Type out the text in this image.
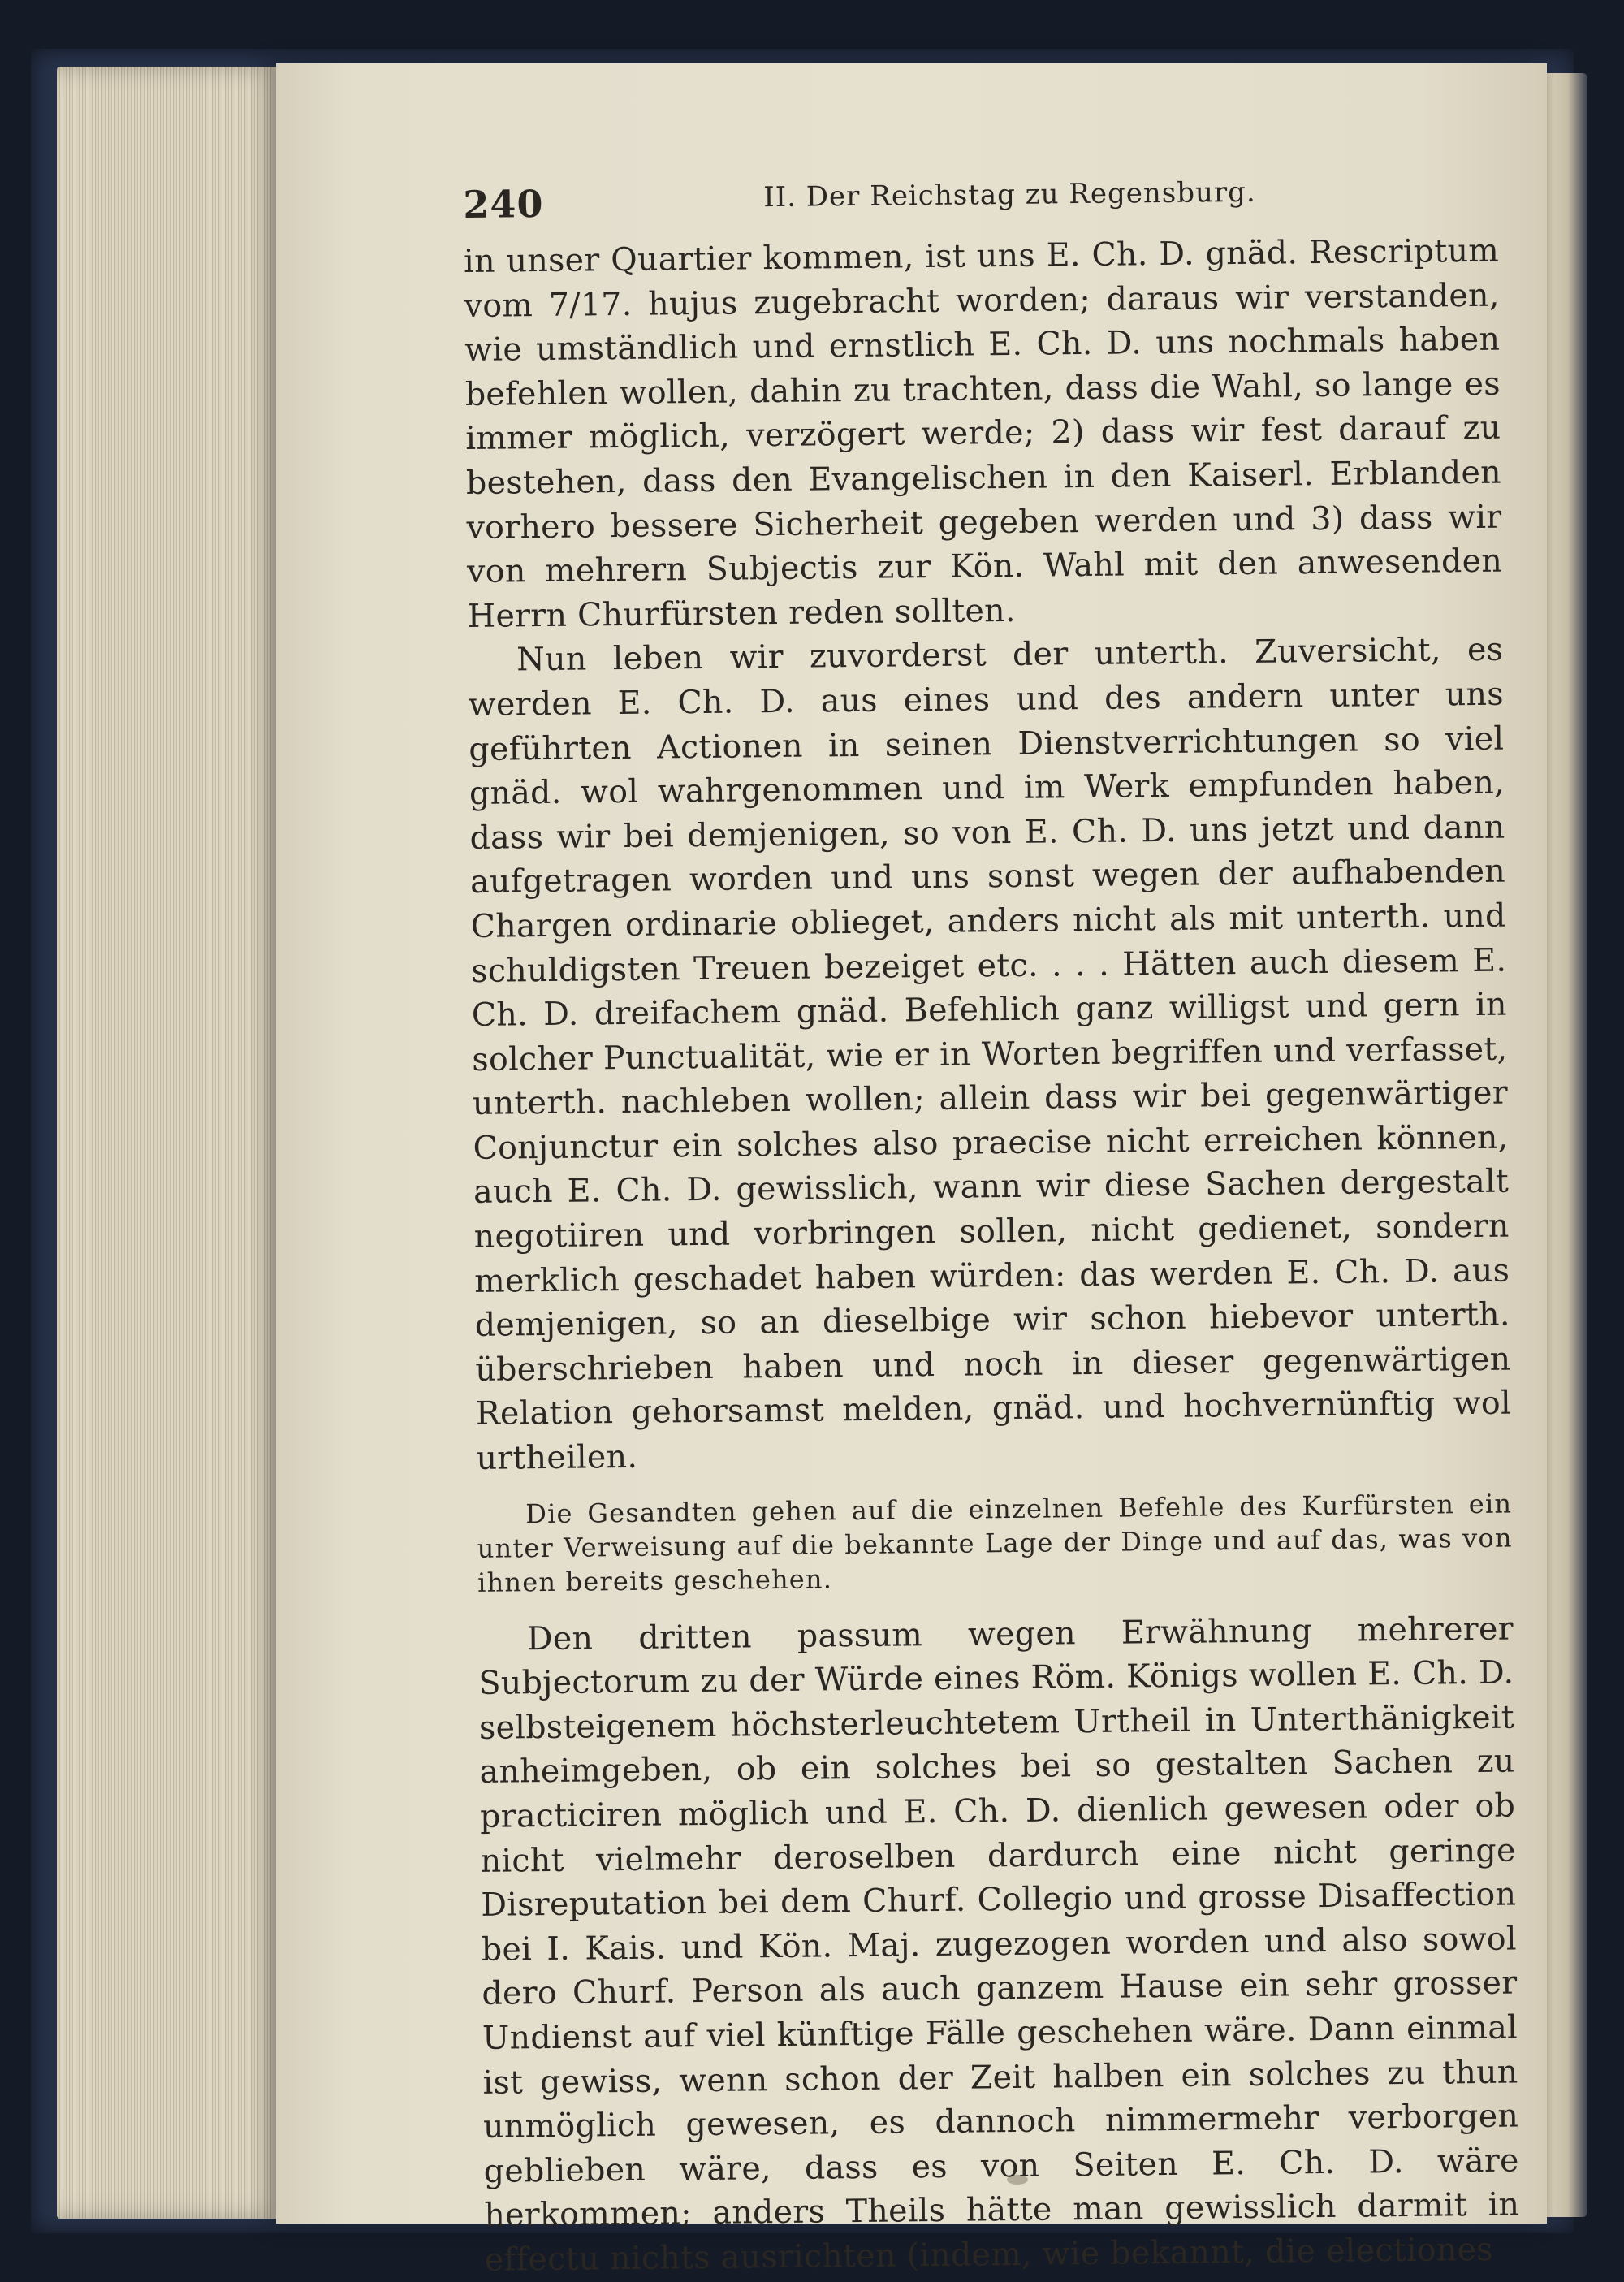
240	II. Der Reichstag zu Regensburg.

in unser Quartier kommen, ist uns E. Ch. D. gnäd. Rescriptum vom 7/17. hujus zugebracht worden; daraus wir verstanden, wie umständlich und ernstlich E. Ch. D. uns nochmals haben befehlen wollen, dahin zu trachten, dass die Wahl, so lange es immer möglich, verzögert werde; 2) dass wir fest darauf zu bestehen, dass den Evangelischen in den Kaiserl. Erblanden vorhero bessere Sicherheit gegeben werden und 3) dass wir von mehrern Subjectis zur Kön. Wahl mit den anwesenden Herrn Churfürsten reden sollten.

Nun leben wir zuvorderst der unterth. Zuversicht, es werden E. Ch. D. aus eines und des andern unter uns geführten Actionen in seinen Dienstverrichtungen so viel gnäd. wol wahrgenommen und im Werk empfunden haben, dass wir bei demjenigen, so von E. Ch. D. uns jetzt und dann aufgetragen worden und uns sonst wegen der aufhabenden Chargen ordinarie oblieget, anders nicht als mit unterth. und schuldigsten Treuen bezeiget etc. . . . Hätten auch diesem E. Ch. D. dreifachem gnäd. Befehlich ganz willigst und gern in solcher Punctualität, wie er in Worten begriffen und verfasset, unterth. nachleben wollen; allein dass wir bei gegenwärtiger Conjunctur ein solches also praecise nicht erreichen können, auch E. Ch. D. gewisslich, wann wir diese Sachen dergestalt negotiiren und vorbringen sollen, nicht gedienet, sondern merklich geschadet haben würden: das werden E. Ch. D. aus demjenigen, so an dieselbige wir schon hiebevor unterth. überschrieben haben und noch in dieser gegenwärtigen Relation gehorsamst melden, gnäd. und hochvernünftig wol urtheilen.

Die Gesandten gehen auf die einzelnen Befehle des Kurfürsten ein unter Verweisung auf die bekannte Lage der Dinge und auf das, was von ihnen bereits geschehen.

Den dritten passum wegen Erwähnung mehrerer Subjectorum zu der Würde eines Röm. Königs wollen E. Ch. D. selbsteigenem höchsterleuchtetem Urtheil in Unterthänigkeit anheimgeben, ob ein solches bei so gestalten Sachen zu practiciren möglich und E. Ch. D. dienlich gewesen oder ob nicht vielmehr deroselben dardurch eine nicht geringe Disreputation bei dem Churf. Collegio und grosse Disaffection bei I. Kais. und Kön. Maj. zugezogen worden und also sowol dero Churf. Person als auch ganzem Hause ein sehr grosser Undienst auf viel künftige Fälle geschehen wäre. Dann einmal ist gewiss, wenn schon der Zeit halben ein solches zu thun unmöglich gewesen, es dannoch nimmermehr verborgen geblieben wäre, dass es von Seiten E. Ch. D. wäre herkommen; anders Theils hätte man gewisslich darmit in effectu nichts ausrichten (indem, wie bekannt, die electiones
